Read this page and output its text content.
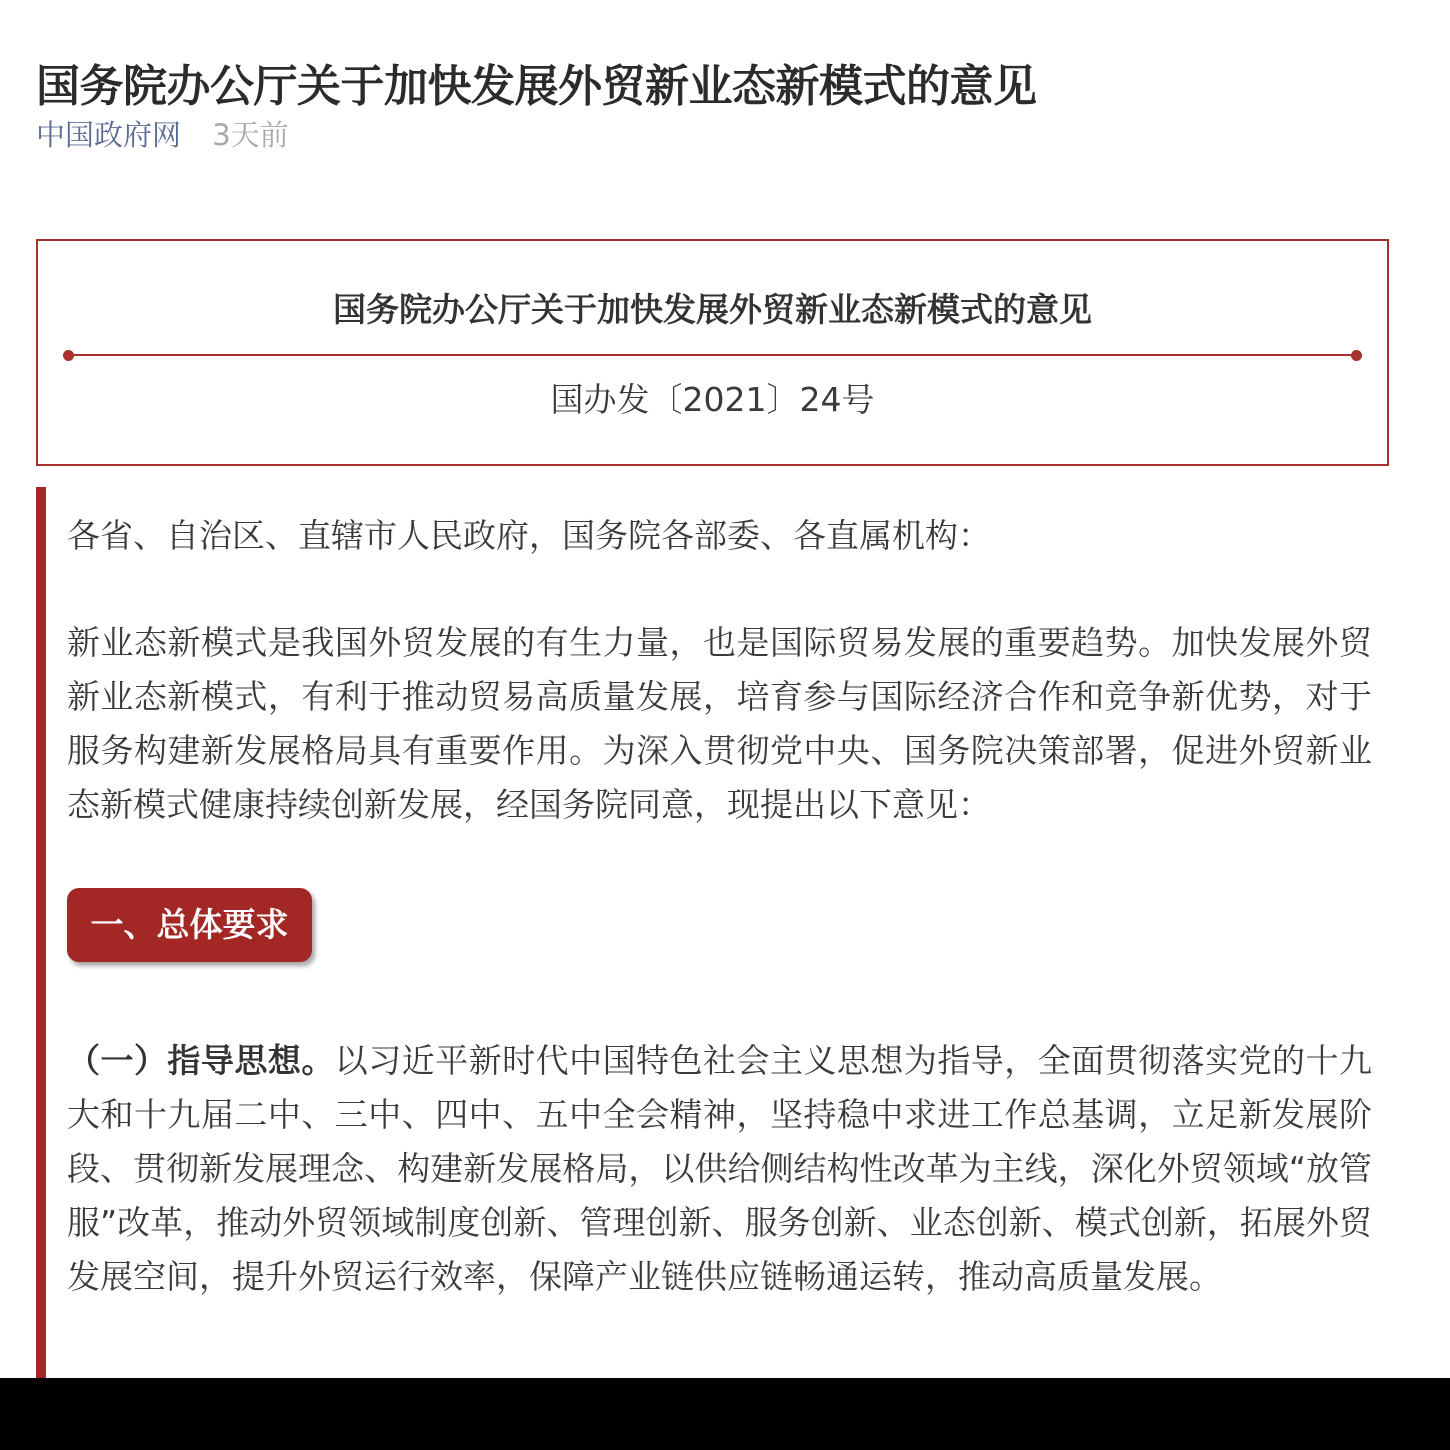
国务院办公厅关于加快发展外贸新业态新模式的意见
中国政府网 3天前
国务院办公厅关于加快发展外贸新业态新模式的意见
国办发〔2021〕24号

各省、自治区、直辖市人民政府，国务院各部委、各直属机构：

新业态新模式是我国外贸发展的有生力量，也是国际贸易发展的重要趋势。加快发展外贸新业态新模式，有利于推动贸易高质量发展，培育参与国际经济合作和竞争新优势，对于服务构建新发展格局具有重要作用。为深入贯彻党中央、国务院决策部署，促进外贸新业态新模式健康持续创新发展，经国务院同意，现提出以下意见：

一、总体要求

（一）指导思想。以习近平新时代中国特色社会主义思想为指导，全面贯彻落实党的十九大和十九届二中、三中、四中、五中全会精神，坚持稳中求进工作总基调，立足新发展阶段、贯彻新发展理念、构建新发展格局，以供给侧结构性改革为主线，深化外贸领域“放管服”改革，推动外贸领域制度创新、管理创新、服务创新、业态创新、模式创新，拓展外贸发展空间，提升外贸运行效率，保障产业链供应链畅通运转，推动高质量发展。
